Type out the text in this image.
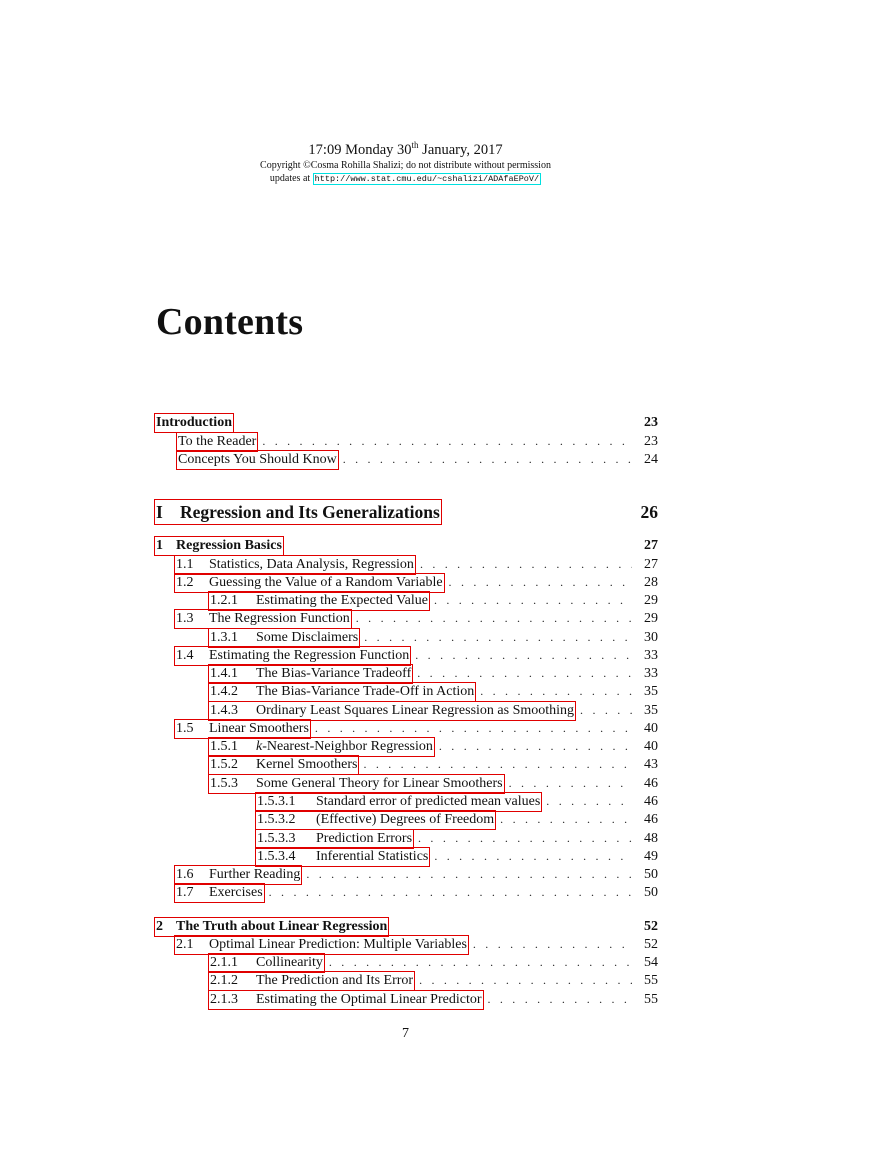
17:09 Monday 30th January, 2017
Copyright ©Cosma Rohilla Shalizi; do not distribute without permission
updates at http://www.stat.cmu.edu/~cshalizi/ADAfaEPoV/
Contents
Introduction	23
To the Reader . . .	23
Concepts You Should Know . . .	24
I Regression and Its Generalizations	26
1 Regression Basics	27
1.1	Statistics, Data Analysis, Regression . . .	27
1.2	Guessing the Value of a Random Variable . . .	28
1.2.1	Estimating the Expected Value . . .	29
1.3	The Regression Function . . .	29
1.3.1	Some Disclaimers . . .	30
1.4	Estimating the Regression Function . . .	33
1.4.1	The Bias-Variance Tradeoff . . .	33
1.4.2	The Bias-Variance Trade-Off in Action . . .	35
1.4.3	Ordinary Least Squares Linear Regression as Smoothing . . .	35
1.5	Linear Smoothers . . .	40
1.5.1	k -Nearest-Neighbor Regression . . .	40
1.5.2	Kernel Smoothers . . .	43
1.5.3	Some General Theory for Linear Smoothers . . .	46
1.5.3.1	Standard error of predicted mean values . . .	46
1.5.3.2	(Effective) Degrees of Freedom . . .	46
1.5.3.3	Prediction Errors . . .	48
1.5.3.4	Inferential Statistics . . .	49
1.6	Further Reading . . .	50
1.7	Exercises . . .	50
2 The Truth about Linear Regression	52
2.1	Optimal Linear Prediction: Multiple Variables . . .	52
2.1.1	Collinearity . . .	54
2.1.2	The Prediction and Its Error . . .	55
2.1.3	Estimating the Optimal Linear Predictor . . .	55
7
